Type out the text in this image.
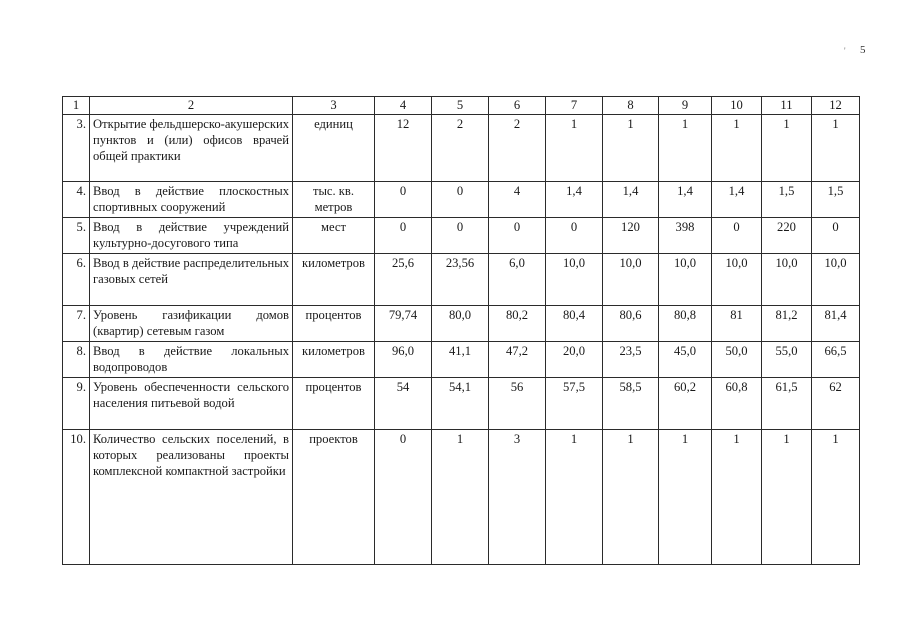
' 5
1	2	3	4	5	6	7	8	9	10	11	12
3.	Открытие фельдшерско-акушерских пунктов и (или) офисов врачей общей практики	единиц	12	2	2	1	1	1	1	1	1
4.	Ввод в действие плоскостных спортивных сооружений	тыс. кв. метров	0	0	4	1,4	1,4	1,4	1,4	1,5	1,5
5.	Ввод в действие учреждений культурно-досугового типа	мест	0	0	0	0	120	398	0	220	0
6.	Ввод в действие распределительных газовых сетей	километров	25,6	23,56	6,0	10,0	10,0	10,0	10,0	10,0	10,0
7.	Уровень газификации домов (квартир) сетевым газом	процентов	79,74	80,0	80,2	80,4	80,6	80,8	81	81,2	81,4
8.	Ввод в действие локальных водопроводов	километров	96,0	41,1	47,2	20,0	23,5	45,0	50,0	55,0	66,5
9.	Уровень обеспеченности сельского населения питьевой водой	процентов	54	54,1	56	57,5	58,5	60,2	60,8	61,5	62
10.	Количество сельских поселений, в которых реализованы проекты комплексной компактной застройки	проектов	0	1	3	1	1	1	1	1	1
